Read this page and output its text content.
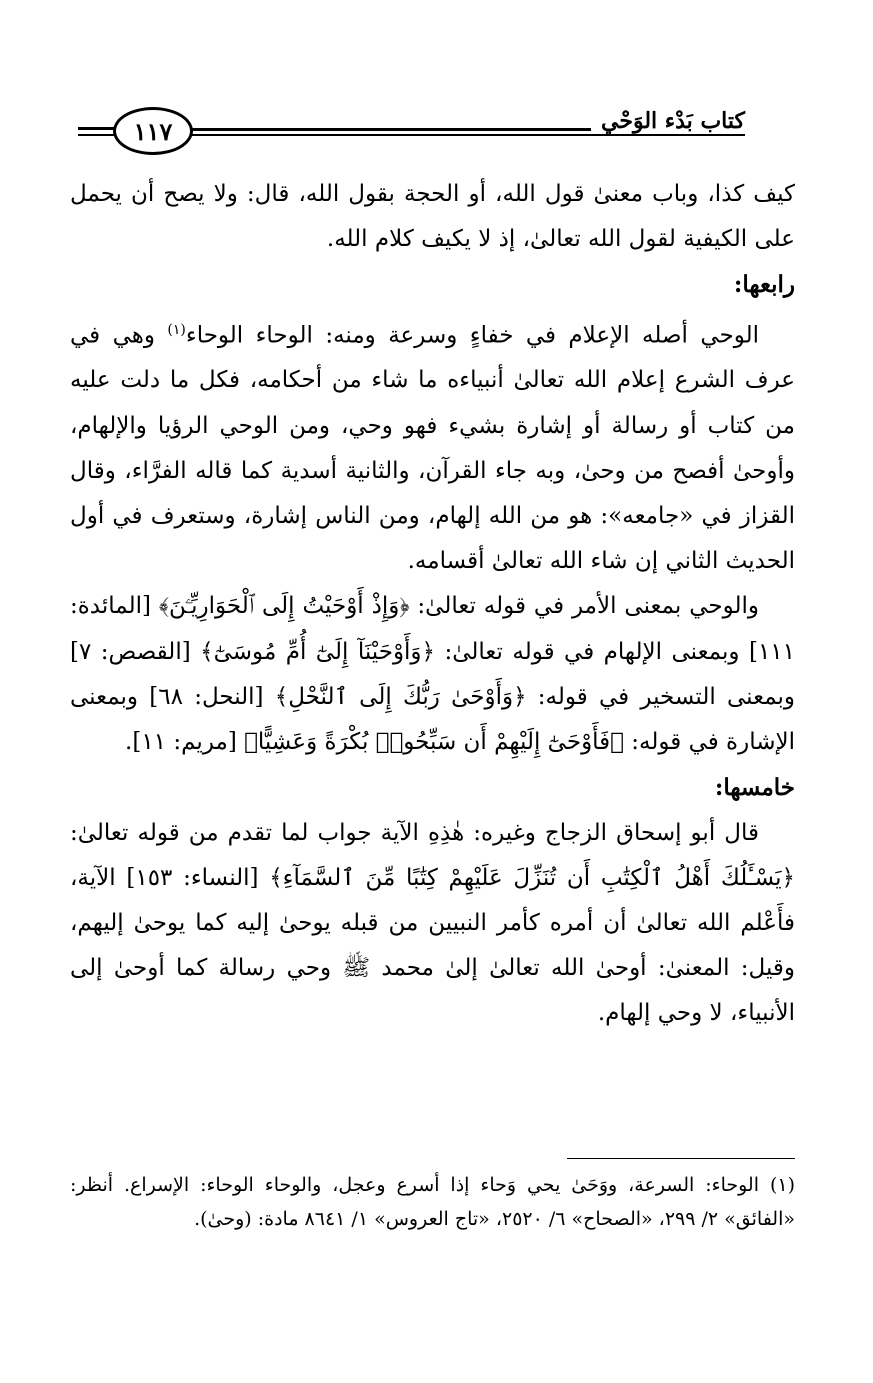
كتاب بَدْء الوَحْي
١١٧

كيف كذا، وباب معنىٰ قول الله، أو الحجة بقول الله، قال: ولا يصح أن يحمل على الكيفية لقول الله تعالىٰ، إذ لا يكيف كلام الله.

رابعها:

الوحي أصله الإعلام في خفاءٍ وسرعة ومنه: الوحاء الوحاء$^{(١)}$ وهي في عرف الشرع إعلام الله تعالىٰ أنبياءه ما شاء من أحكامه، فكل ما دلت عليه من كتاب أو رسالة أو إشارة بشيء فهو وحي، ومن الوحي الرؤيا والإلهام، وأوحىٰ أفصح من وحىٰ، وبه جاء القرآن، والثانية أسدية كما قاله الفرَّاء، وقال القزاز في «جامعه»: هو من الله إلهام، ومن الناس إشارة، وستعرف في أول الحديث الثاني إن شاء الله تعالىٰ أقسامه.

والوحي بمعنى الأمر في قوله تعالىٰ: ﴿وَإِذْ أَوْحَيْتُ إِلَى ٱلْحَوَارِيِّـۧنَ﴾ [المائدة: ١١١] وبمعنى الإلهام في قوله تعالىٰ: ﴿وَأَوْحَيْنَآ إِلَىٰٓ أُمِّ مُوسَىٰٓ﴾ [القصص: ٧] وبمعنى التسخير في قوله: ﴿وَأَوْحَىٰ رَبُّكَ إِلَى ٱلنَّحْلِ﴾ [النحل: ٦٨] وبمعنى الإشارة في قوله: ﴿فَأَوْحَىٰٓ إِلَيْهِمْ أَن سَبِّحُوا۟ بُكْرَةً وَعَشِيًّا﴾ [مريم: ١١].

خامسها:

قال أبو إسحاق الزجاج وغيره: هٰذِهِ الآية جواب لما تقدم من قوله تعالىٰ: ﴿يَسْـَٔلُكَ أَهْلُ ٱلْكِتَٰبِ أَن تُنَزِّلَ عَلَيْهِمْ كِتَٰبًا مِّنَ ٱلسَّمَآءِ﴾ [النساء: ١٥٣] الآية، فأَعْلم الله تعالىٰ أن أمره كأمر النبيين من قبله يوحىٰ إليه كما يوحىٰ إليهم، وقيل: المعنىٰ: أوحىٰ الله تعالىٰ إلىٰ محمد ﷺ وحي رسالة كما أوحىٰ إلى الأنبياء، لا وحي إلهام.

(١) الوحاء: السرعة، ووَحَىٰ يحي وَحاء إذا أسرع وعجل، والوحاء الوحاء: الإسراع. أنظر: «الفائق» ٢/ ٢٩٩، «الصحاح» ٦/ ٢٥٢٠، «تاج العروس» ١/ ٨٦٤١ مادة: (وحىٰ).
